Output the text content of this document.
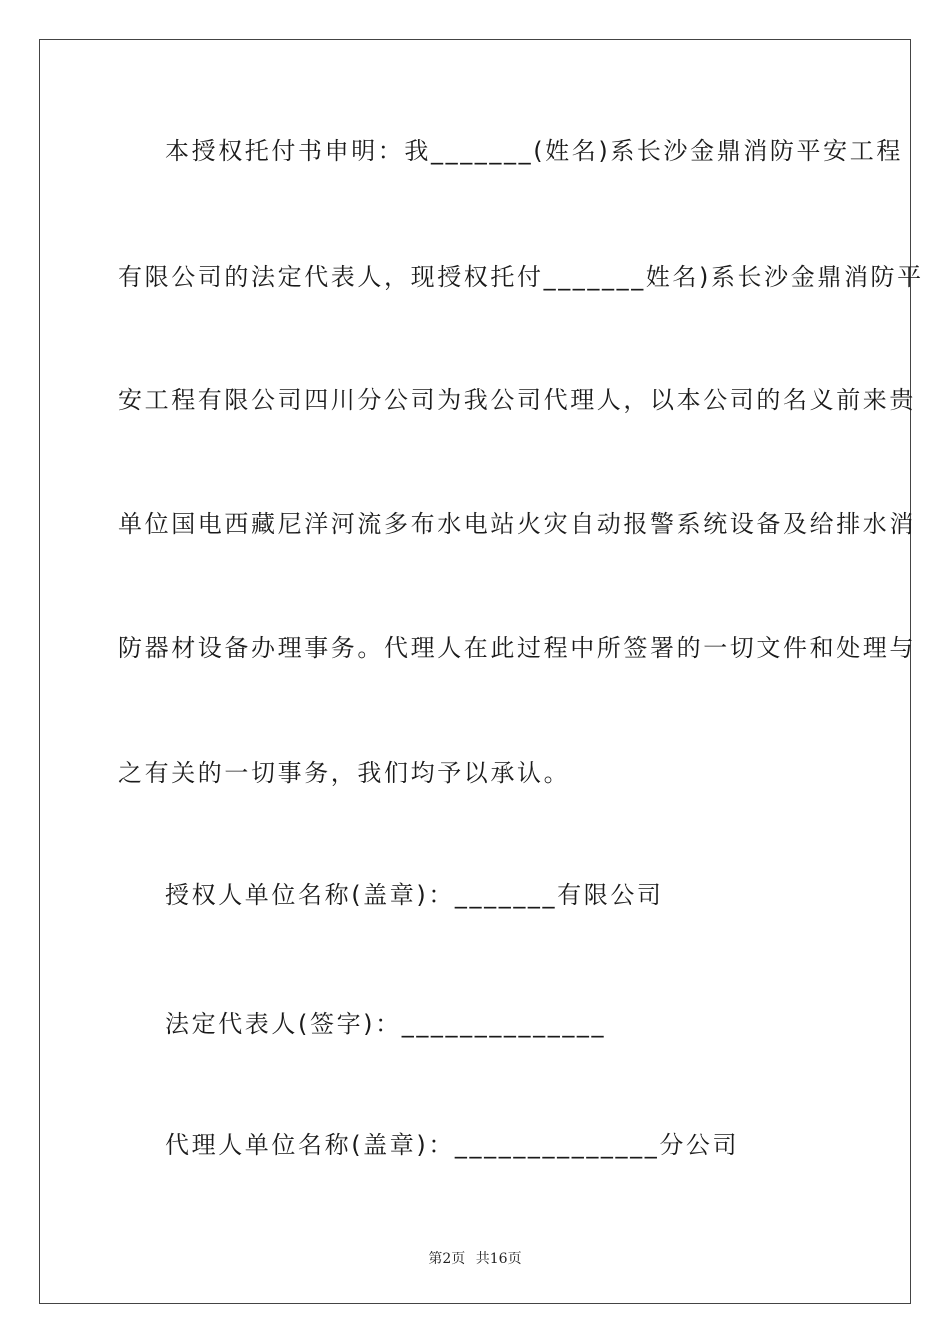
本授权托付书申明：我_______(姓名)系长沙金鼎消防平安工程

有限公司的法定代表人，现授权托付_______姓名)系长沙金鼎消防平

安工程有限公司四川分公司为我公司代理人，以本公司的名义前来贵

单位国电西藏尼洋河流多布水电站火灾自动报警系统设备及给排水消

防器材设备办理事务。代理人在此过程中所签署的一切文件和处理与

之有关的一切事务，我们均予以承认。

授权人单位名称(盖章)：_______有限公司

法定代表人(签字)：______________

代理人单位名称(盖章)：______________分公司

第2页 共16页
